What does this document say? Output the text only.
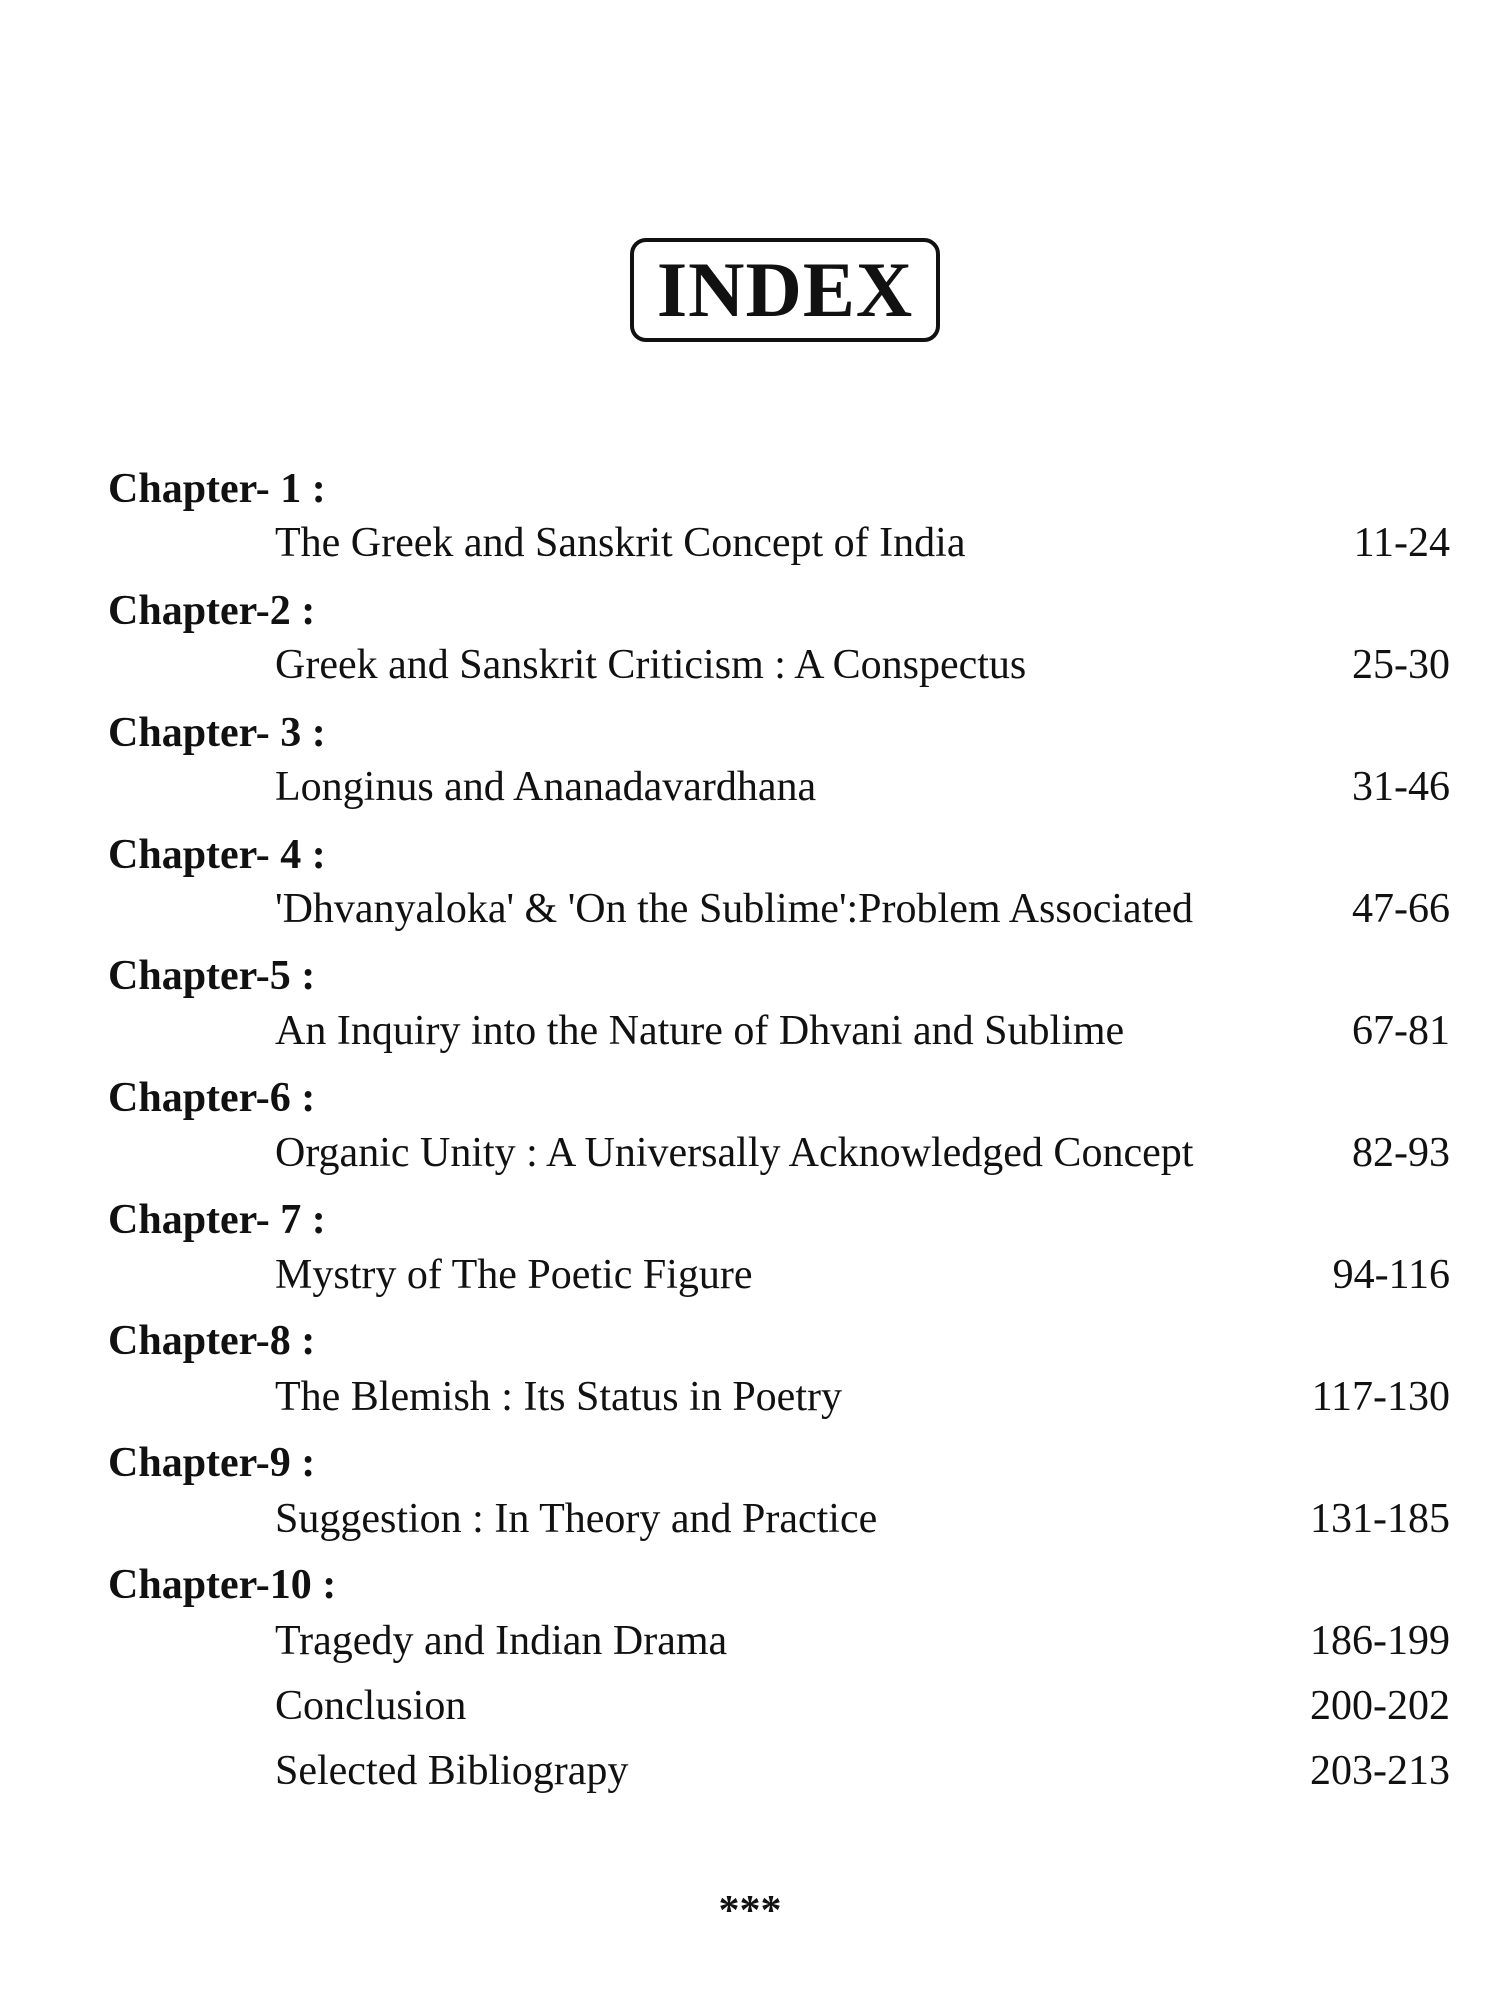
INDEX
Chapter- 1 :
The Greek and Sanskrit Concept of India	11-24
Chapter-2 :
Greek and Sanskrit Criticism : A Conspectus	25-30
Chapter- 3 :
Longinus and Ananadavardhana	31-46
Chapter- 4 :
'Dhvanyaloka' & 'On the Sublime':Problem Associated	47-66
Chapter-5 :
An Inquiry into the Nature of Dhvani and Sublime	67-81
Chapter-6 :
Organic Unity : A Universally Acknowledged Concept	82-93
Chapter- 7 :
Mystry of The Poetic Figure	94-116
Chapter-8 :
The Blemish : Its Status in Poetry	117-130
Chapter-9 :
Suggestion : In Theory and Practice	131-185
Chapter-10 :
Tragedy and Indian Drama	186-199
Conclusion	200-202
Selected Bibliograpy	203-213
***
